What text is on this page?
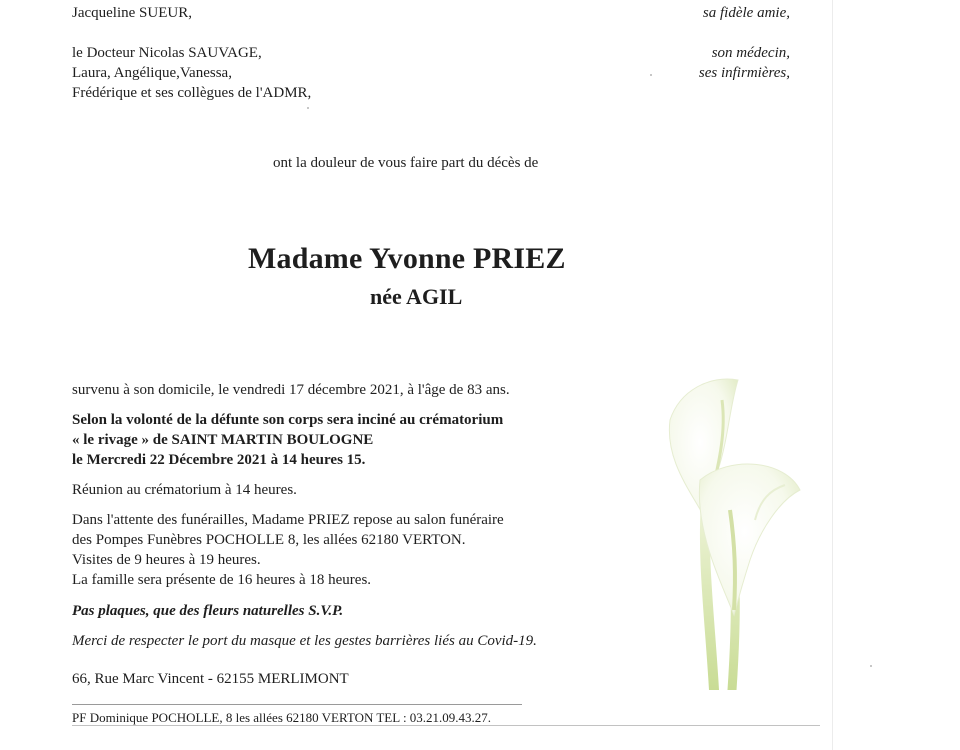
Jacqueline SUEUR,	sa fidèle amie,
le Docteur Nicolas SAUVAGE,	son médecin,
Laura, Angélique,Vanessa,	ses infirmières,
Frédérique et ses collègues de l'ADMR,
ont la douleur de vous faire part du décès de
Madame Yvonne PRIEZ
née AGIL
survenu à son domicile, le vendredi 17 décembre 2021, à l'âge de 83 ans.
Selon la volonté de la défunte son corps sera inciné au crématorium
« le rivage » de SAINT MARTIN BOULOGNE
le Mercredi 22 Décembre 2021 à 14 heures 15.
Réunion au crématorium à 14 heures.
Dans l'attente des funérailles, Madame PRIEZ repose au salon funéraire
des Pompes Funèbres POCHOLLE 8, les allées 62180 VERTON.
Visites de 9 heures à 19 heures.
La famille sera présente de 16 heures à 18 heures.
Pas plaques, que des fleurs naturelles S.V.P.
Merci de respecter le port du masque et les gestes barrières liés au Covid-19.
66, Rue Marc Vincent - 62155 MERLIMONT
PF Dominique POCHOLLE, 8 les allées 62180 VERTON TEL : 03.21.09.43.27.
